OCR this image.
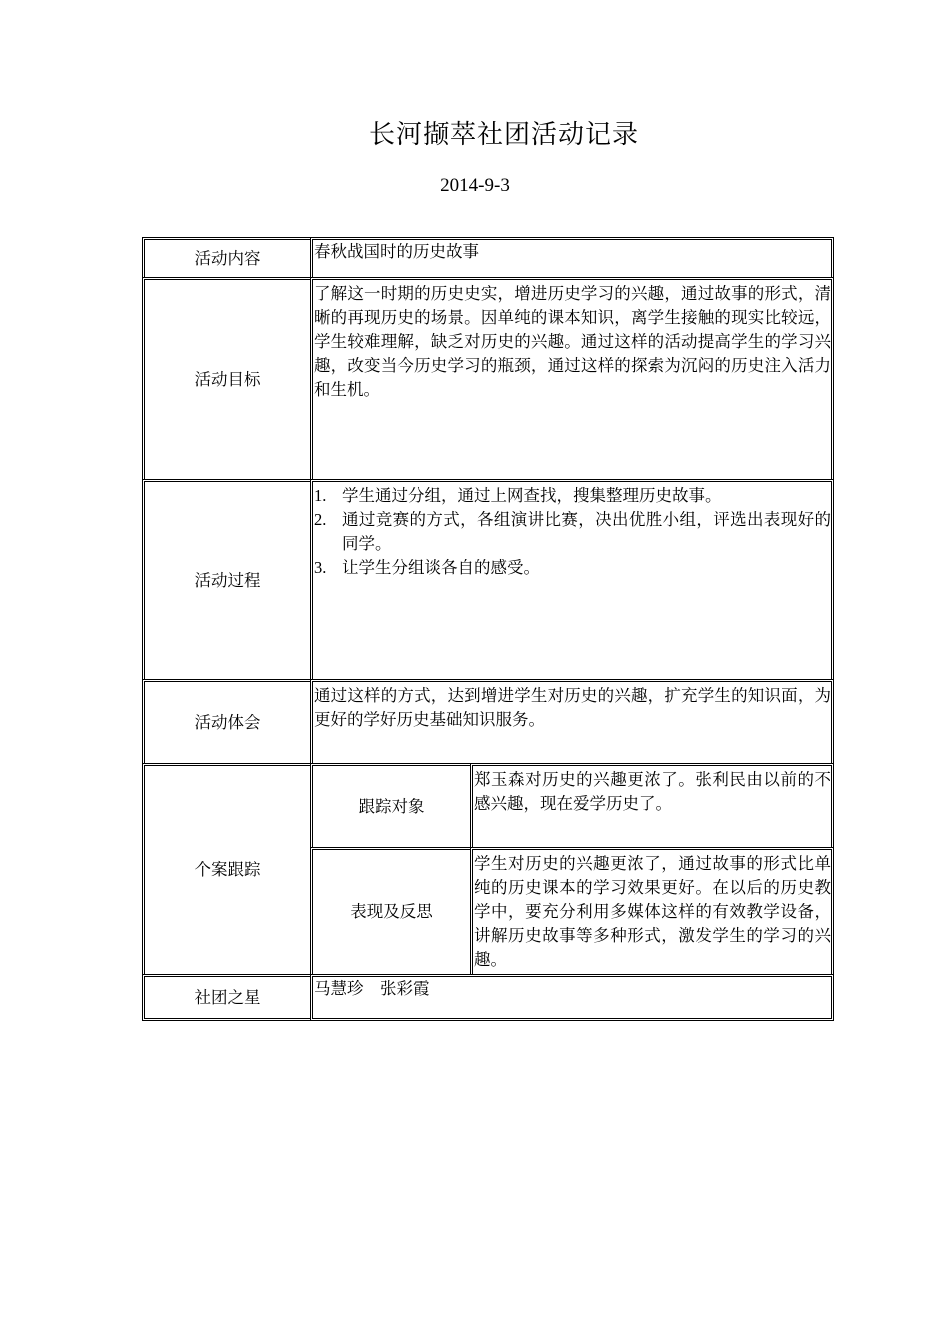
长河撷萃社团活动记录
2014-9-3
活动内容	春秋战国时的历史故事
活动目标

了解这一时期的历史史实，增进历史学习的兴趣，通过故事的形式，清晰的再现历史的场景。因单纯的课本知识，离学生接触的现实比较远，学生较难理解，缺乏对历史的兴趣。通过这样的活动提高学生的学习兴趣，改变当今历史学习的瓶颈，通过这样的探索为沉闷的历史注入活力和生机。

活动过程
1. 学生通过分组，通过上网查找，搜集整理历史故事。
2. 通过竞赛的方式，各组演讲比赛，决出优胜小组，评选出表现好的同学。
3. 让学生分组谈各自的感受。
活动体会

通过这样的方式，达到增进学生对历史的兴趣，扩充学生的知识面，为更好的学好历史基础知识服务。

个案跟踪
跟踪对象

郑玉森对历史的兴趣更浓了。张利民由以前的不感兴趣，现在爱学历史了。

表现及反思

学生对历史的兴趣更浓了，通过故事的形式比单纯的历史课本的学习效果更好。在以后的历史教学中，要充分利用多媒体这样的有效教学设备，讲解历史故事等多种形式，激发学生的学习的兴趣。

社团之星	马慧珍　张彩霞
